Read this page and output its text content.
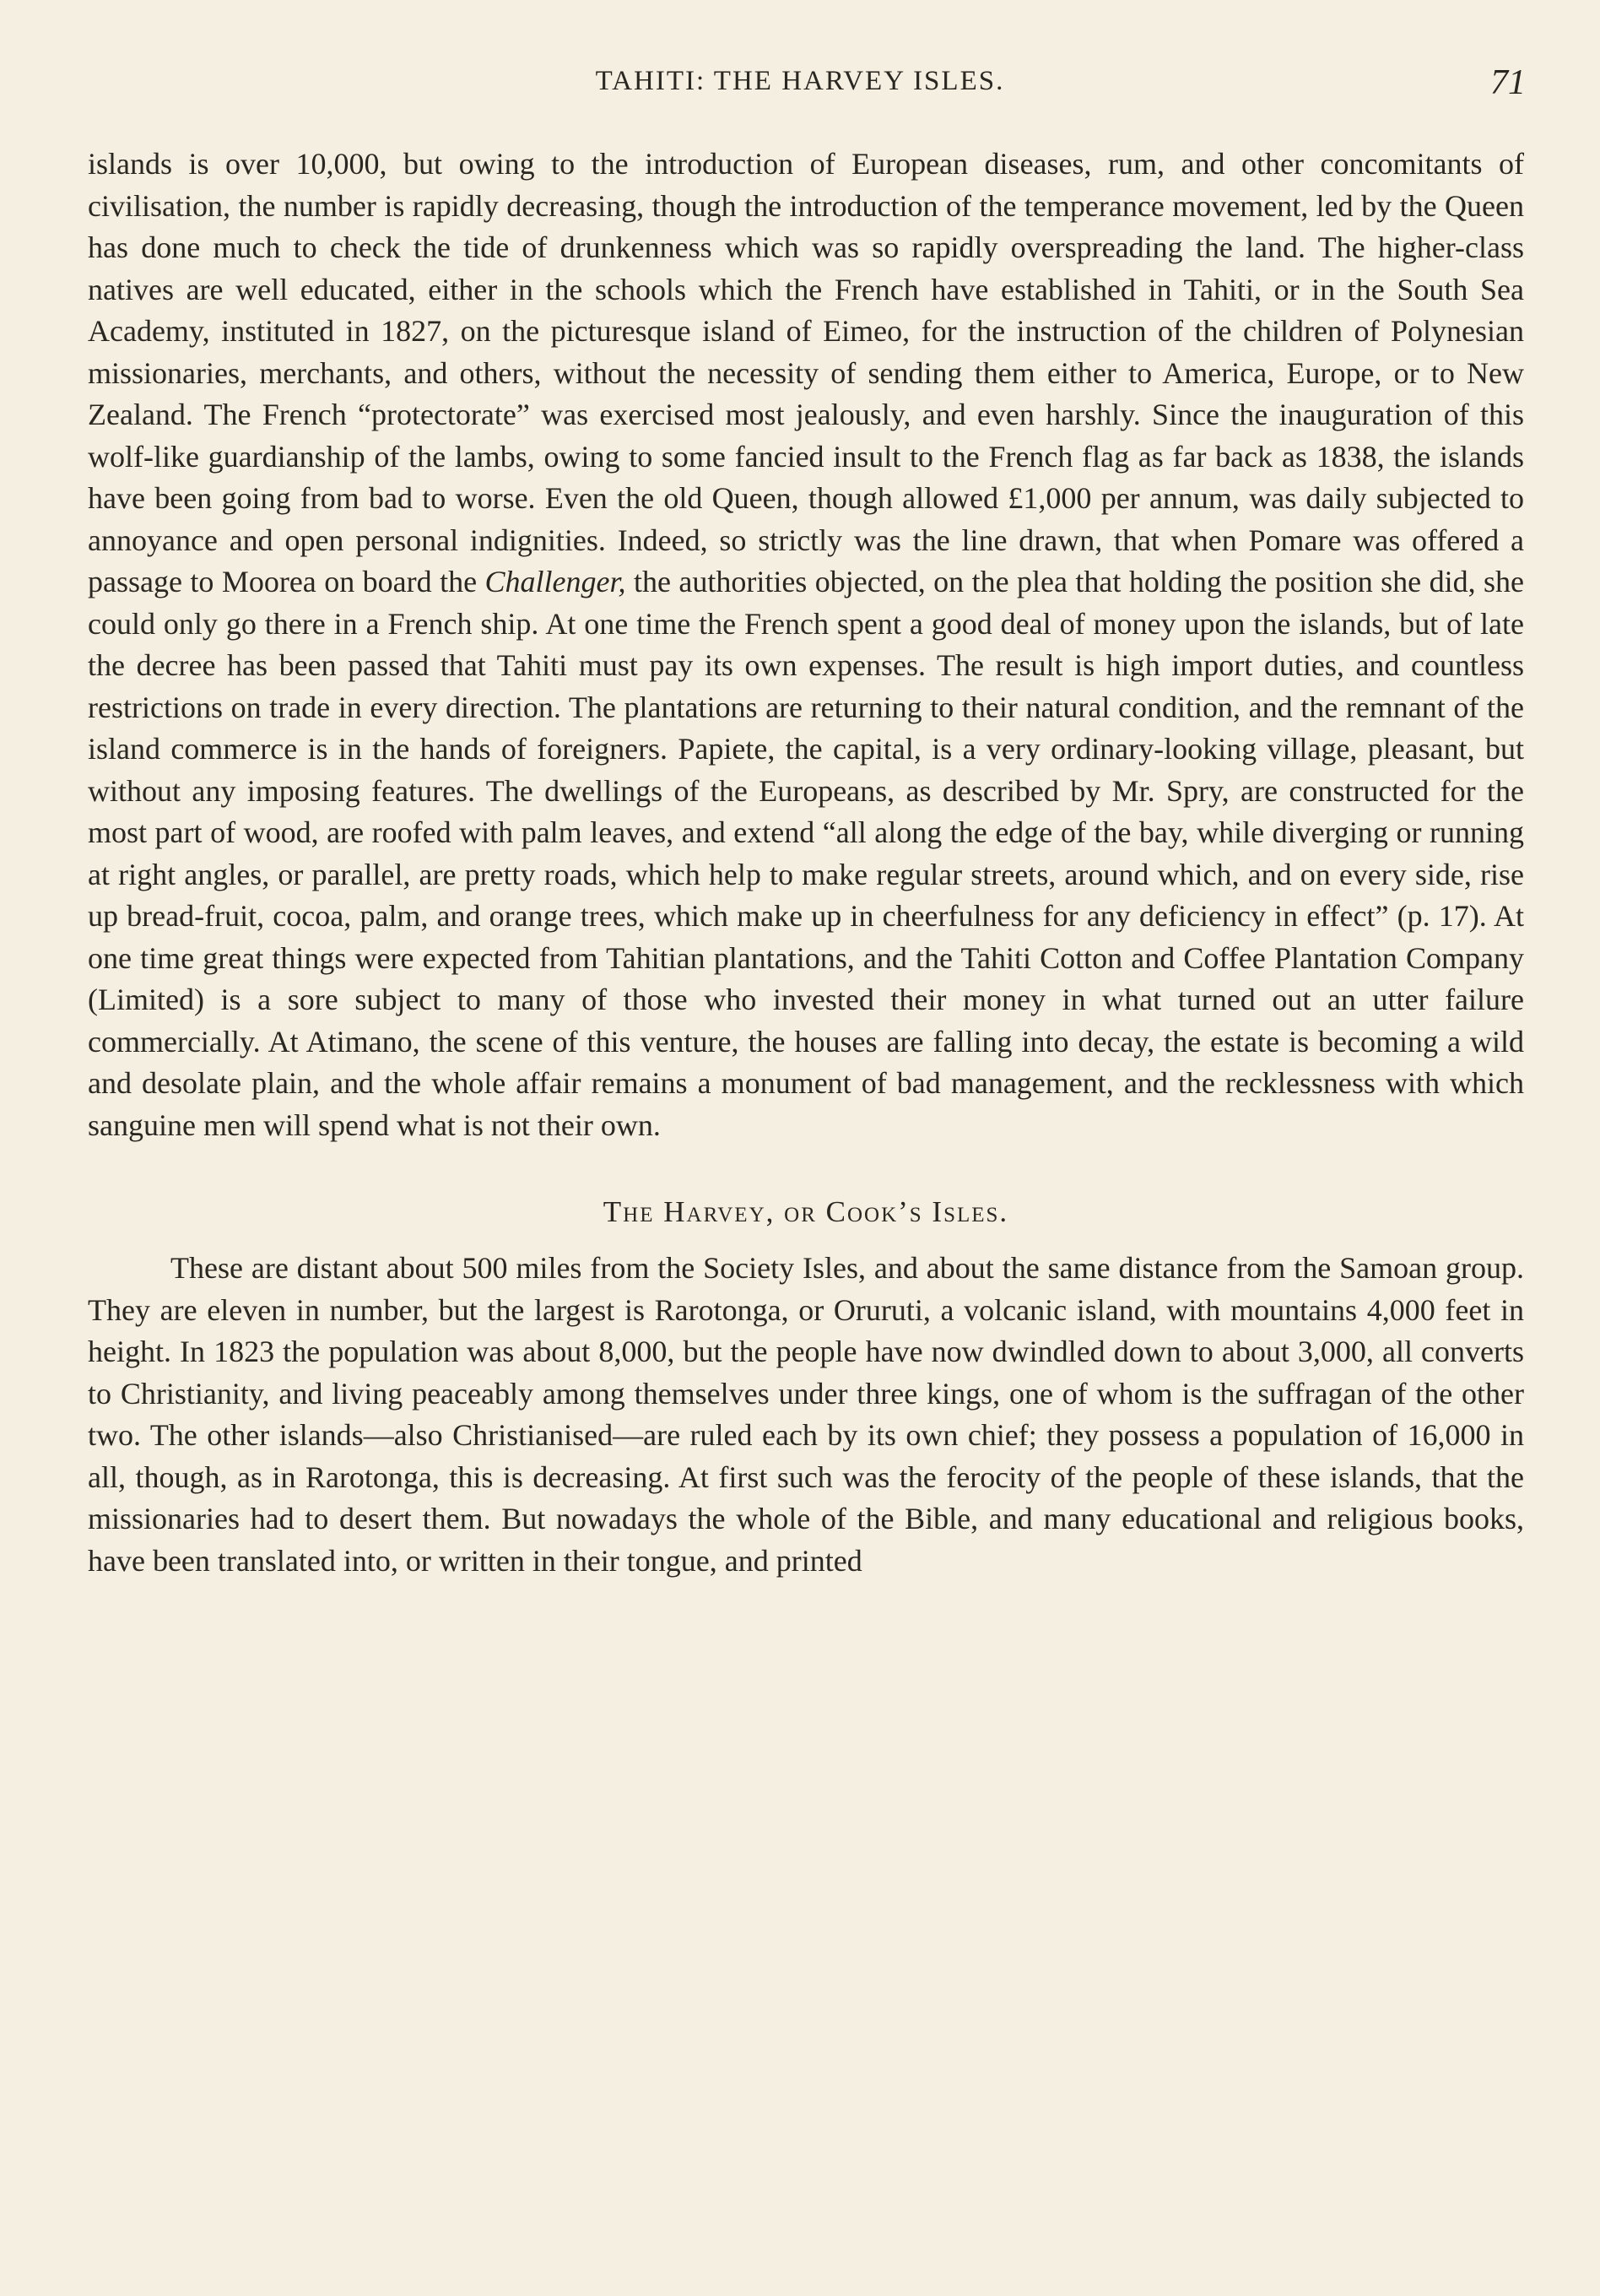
TAHITI: THE HARVEY ISLES.	71

islands is over 10,000, but owing to the introduction of European diseases, rum, and other concomitants of civilisation, the number is rapidly decreasing, though the introduction of the temperance movement, led by the Queen has done much to check the tide of drunkenness which was so rapidly overspreading the land. The higher-class natives are well educated, either in the schools which the French have established in Tahiti, or in the South Sea Academy, instituted in 1827, on the picturesque island of Eimeo, for the instruction of the children of Polynesian missionaries, merchants, and others, without the necessity of sending them either to America, Europe, or to New Zealand. The French “protectorate” was exercised most jealously, and even harshly. Since the inauguration of this wolf-like guardianship of the lambs, owing to some fancied insult to the French flag as far back as 1838, the islands have been going from bad to worse. Even the old Queen, though allowed £1,000 per annum, was daily subjected to annoyance and open personal indignities. Indeed, so strictly was the line drawn, that when Pomare was offered a passage to Moorea on board the Challenger, the authorities objected, on the plea that holding the position she did, she could only go there in a French ship. At one time the French spent a good deal of money upon the islands, but of late the decree has been passed that Tahiti must pay its own expenses. The result is high import duties, and countless restrictions on trade in every direction. The plantations are returning to their natural condition, and the remnant of the island commerce is in the hands of foreigners. Papiete, the capital, is a very ordinary-looking village, pleasant, but without any imposing features. The dwellings of the Europeans, as described by Mr. Spry, are constructed for the most part of wood, are roofed with palm leaves, and extend “all along the edge of the bay, while diverging or running at right angles, or parallel, are pretty roads, which help to make regular streets, around which, and on every side, rise up bread-fruit, cocoa, palm, and orange trees, which make up in cheerfulness for any deficiency in effect” (p. 17). At one time great things were expected from Tahitian plantations, and the Tahiti Cotton and Coffee Plantation Company (Limited) is a sore subject to many of those who invested their money in what turned out an utter failure commercially. At Atimano, the scene of this venture, the houses are falling into decay, the estate is becoming a wild and desolate plain, and the whole affair remains a monument of bad management, and the recklessness with which sanguine men will spend what is not their own.

The Harvey, or Cook’s Isles.

These are distant about 500 miles from the Society Isles, and about the same distance from the Samoan group. They are eleven in number, but the largest is Rarotonga, or Oruruti, a volcanic island, with mountains 4,000 feet in height. In 1823 the population was about 8,000, but the people have now dwindled down to about 3,000, all converts to Christianity, and living peaceably among themselves under three kings, one of whom is the suffragan of the other two. The other islands—also Christianised—are ruled each by its own chief; they possess a population of 16,000 in all, though, as in Rarotonga, this is decreasing. At first such was the ferocity of the people of these islands, that the missionaries had to desert them. But nowadays the whole of the Bible, and many educational and religious books, have been translated into, or written in their tongue, and printed
